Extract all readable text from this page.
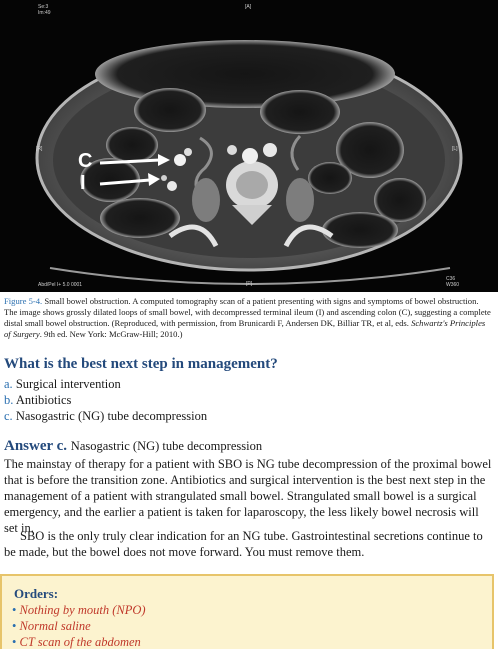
Se:3
Im:49
[A]
[R]	[L]
[P]
Abd/Pel I+ 5.0 0001
C36
W360
C
I
Figure 5-4. Small bowel obstruction. A computed tomography scan of a patient presenting with signs and symptoms of bowel obstruction. The image shows grossly dilated loops of small bowel, with decompressed terminal ileum (I) and ascending colon (C), suggesting a complete distal small bowel obstruction. (Reproduced, with permission, from Brunicardi F, Andersen DK, Billiar TR, et al, eds. Schwartz's Principles of Surgery. 9th ed. New York: McGraw-Hill; 2010.)
What is the best next step in management?
a. Surgical intervention
b. Antibiotics
c. Nasogastric (NG) tube decompression
Answer c. Nasogastric (NG) tube decompression
The mainstay of therapy for a patient with SBO is NG tube decompression of the proximal bowel that is before the transition zone. Antibiotics and surgical intervention is the best next step in the management of a patient with strangulated small bowel. Strangulated small bowel is a surgical emergency, and the earlier a patient is taken for laparoscopy, the less likely bowel necrosis will set in.
SBO is the only truly clear indication for an NG tube. Gastrointestinal secretions continue to be made, but the bowel does not move forward. You must remove them.
Orders:
• Nothing by mouth (NPO)
• Normal saline
• CT scan of the abdomen
